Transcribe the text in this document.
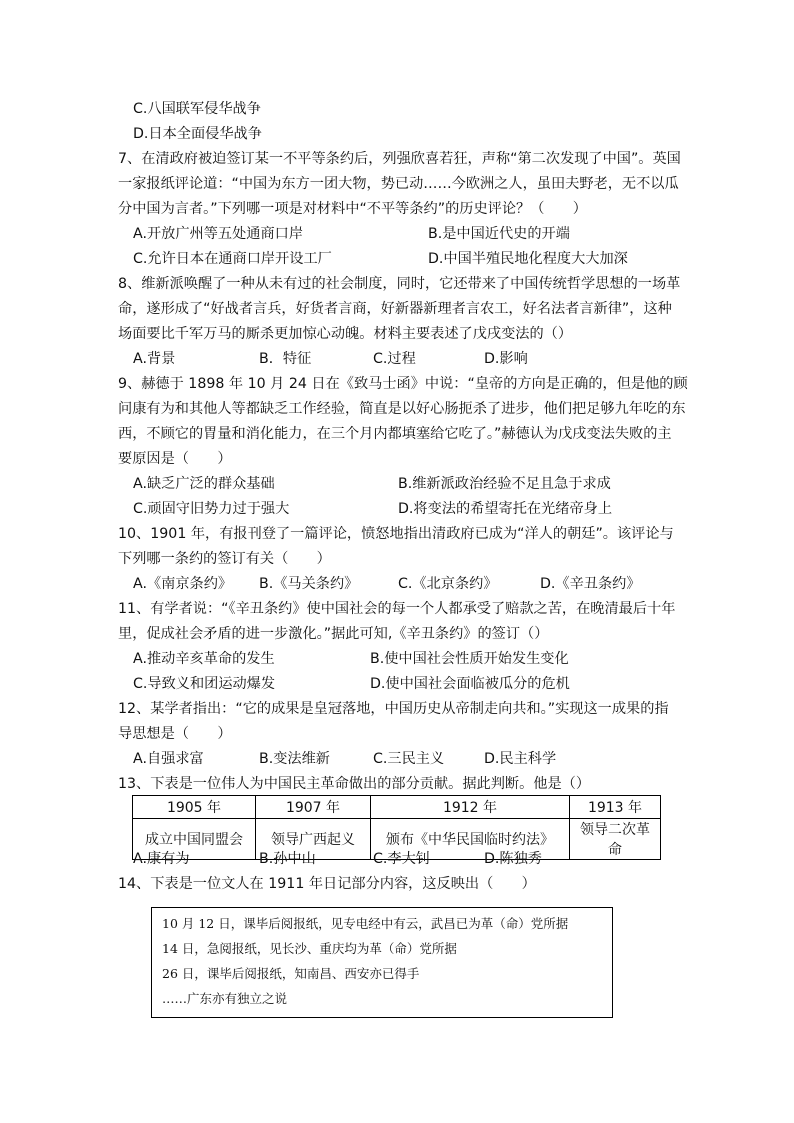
C.八国联军侵华战争
D.日本全面侵华战争
7、在清政府被迫签订某一不平等条约后，列强欣喜若狂，声称“第二次发现了中国”。英国
一家报纸评论道：“中国为东方一团大物，势已动……今欧洲之人，虽田夫野老，无不以瓜
分中国为言者。”下列哪一项是对材料中“不平等条约”的历史评论？（　　）
A.开放广州等五处通商口岸	B.是中国近代史的开端
C.允许日本在通商口岸开设工厂	D.中国半殖民地化程度大大加深
8、维新派唤醒了一种从未有过的社会制度，同时，它还带来了中国传统哲学思想的一场革
命，遂形成了“好战者言兵，好货者言商，好新器新理者言农工，好名法者言新律”，这种
场面要比千军万马的厮杀更加惊心动魄。材料主要表述了戊戌变法的（）
A.背景	B．特征	C.过程	D.影响
9、赫德于 1898 年 10 月 24 日在《致马士函》中说：“皇帝的方向是正确的，但是他的顾
问康有为和其他人等都缺乏工作经验，简直是以好心肠扼杀了进步，他们把足够九年吃的东
西，不顾它的胃量和消化能力，在三个月内都填塞给它吃了。”赫德认为戊戌变法失败的主
要原因是（　　）
A.缺乏广泛的群众基础	B.维新派政治经验不足且急于求成
C.顽固守旧势力过于强大	D.将变法的希望寄托在光绪帝身上
10、1901 年，有报刊登了一篇评论，愤怒地指出清政府已成为“洋人的朝廷”。该评论与
下列哪一条约的签订有关（　　）
A.《南京条约》 B.《马关条约》	C.《北京条约》	D.《辛丑条约》
11、有学者说：“《辛丑条约》使中国社会的每一个人都承受了赔款之苦，在晚清最后十年
里，促成社会矛盾的进一步激化。”据此可知,《辛丑条约》的签订（）
A.推动辛亥革命的发生	B.使中国社会性质开始发生变化
C.导致义和团运动爆发	D.使中国社会面临被瓜分的危机
12、某学者指出：“它的成果是皇冠落地，中国历史从帝制走向共和。”实现这一成果的指
导思想是（　　）
A.自强求富	B.变法维新	C.三民主义	D.民主科学
13、下表是一位伟人为中国民主革命做出的部分贡献。据此判断。他是（）
1905 年	1907 年	1912 年	1913 年
成立中国同盟会	领导广西起义	颁布《中华民国临时约法》	领导二次革命
A.康有为	B.孙中山	C.李大钊	D.陈独秀
14、下表是一位文人在 1911 年日记部分内容，这反映出（　　）
10 月 12 日，课毕后阅报纸，见专电经中有云，武昌已为革（命）党所据
14 日，急阅报纸，见长沙、重庆均为革（命）党所据
26 日，课毕后阅报纸，知南昌、西安亦已得手
……广东亦有独立之说
